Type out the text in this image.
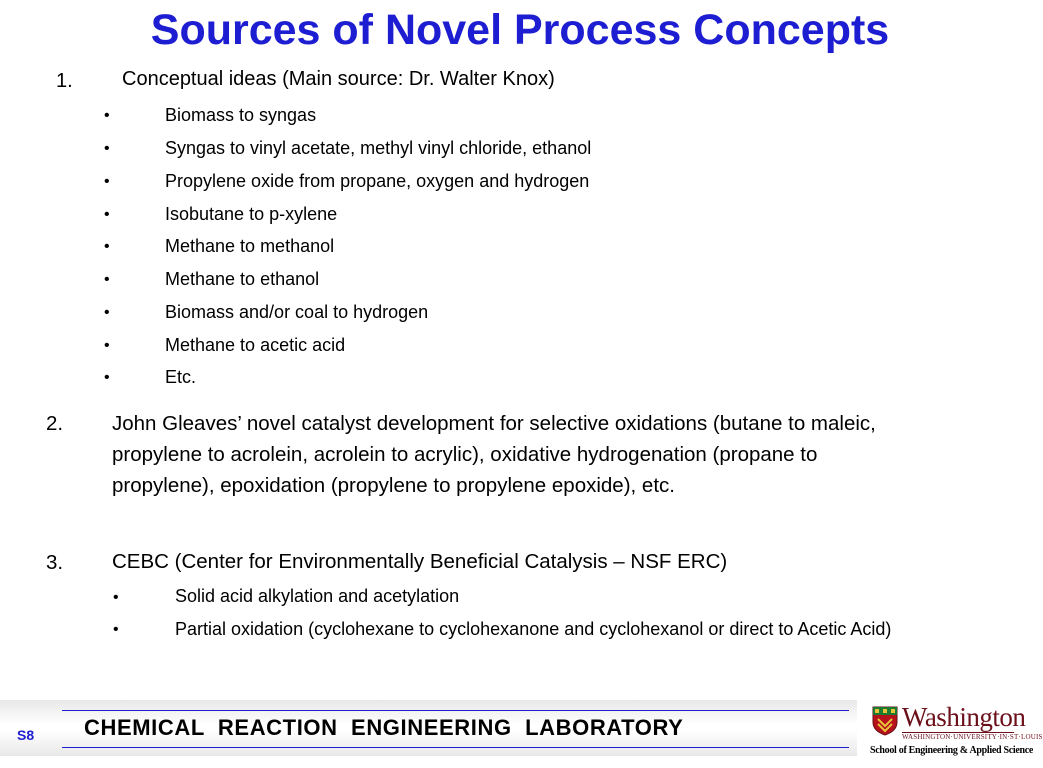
Sources of Novel Process Concepts
1. Conceptual ideas (Main source: Dr. Walter Knox)
•	Biomass to syngas
•	Syngas to vinyl acetate, methyl vinyl chloride, ethanol
•	Propylene oxide from propane, oxygen and hydrogen
•	Isobutane to p-xylene
•	Methane to methanol
•	Methane to ethanol
•	Biomass and/or coal to hydrogen
•	Methane to acetic acid
•	Etc.
2. John Gleaves’ novel catalyst development for selective oxidations (butane to maleic, propylene to acrolein, acrolein to acrylic), oxidative hydrogenation (propane to propylene), epoxidation (propylene to propylene epoxide), etc.
3. CEBC (Center for Environmentally Beneficial Catalysis – NSF ERC)
•	Solid acid alkylation and acetylation
•	Partial oxidation (cyclohexane to cyclohexanone and cyclohexanol or direct to Acetic Acid)
S8 CHEMICAL  REACTION  ENGINEERING  LABORATORY	Washington
WASHINGTON·UNIVERSITY·IN·ST·LOUIS
School of Engineering & Applied Science
